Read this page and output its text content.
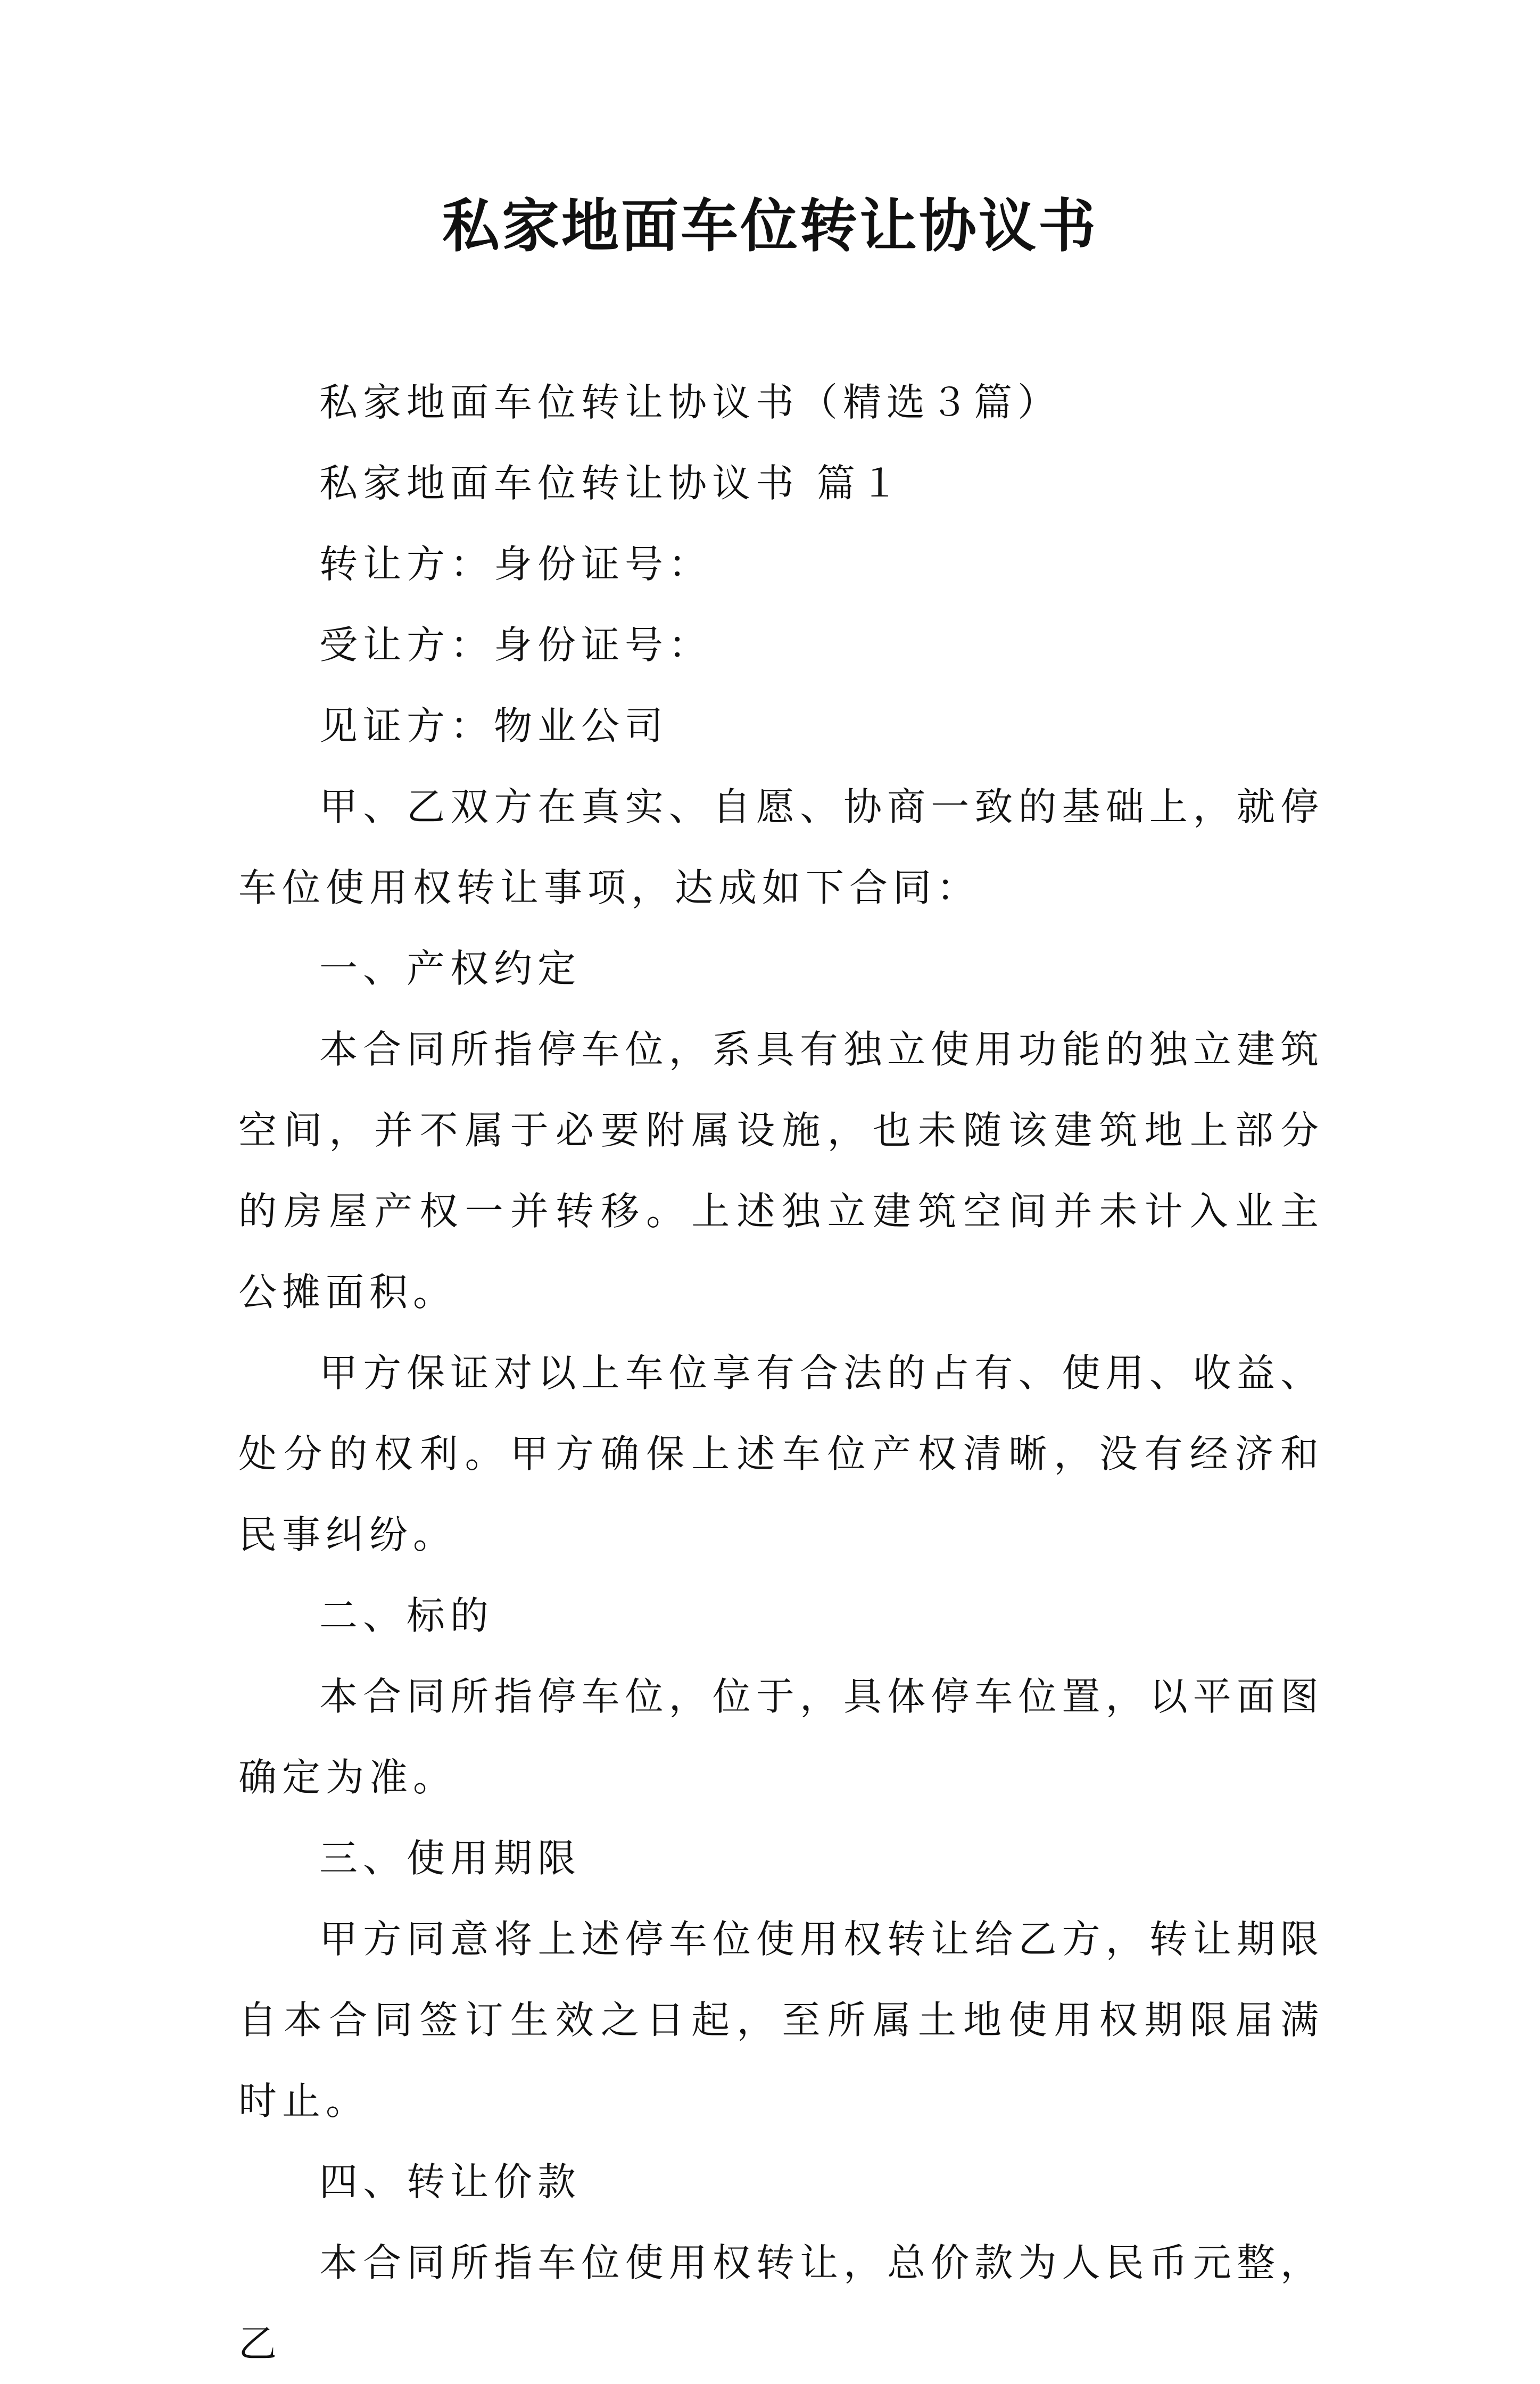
私家地面车位转让协议书

私家地面车位转让协议书（精选３篇）

私家地面车位转让协议书 篇１

转让方：身份证号：

受让方：身份证号：

见证方：物业公司

甲、乙双方在真实、自愿、协商一致的基础上，就停车位使用权转让事项，达成如下合同：

一、产权约定

本合同所指停车位，系具有独立使用功能的独立建筑空间，并不属于必要附属设施，也未随该建筑地上部分的房屋产权一并转移。上述独立建筑空间并未计入业主公摊面积。

甲方保证对以上车位享有合法的占有、使用、收益、处分的权利。甲方确保上述车位产权清晰，没有经济和民事纠纷。

二、标的

本合同所指停车位，位于，具体停车位置，以平面图确定为准。

三、使用期限

甲方同意将上述停车位使用权转让给乙方，转让期限自本合同签订生效之日起，至所属土地使用权期限届满时止。

四、转让价款

本合同所指车位使用权转让，总价款为人民币元整，乙
